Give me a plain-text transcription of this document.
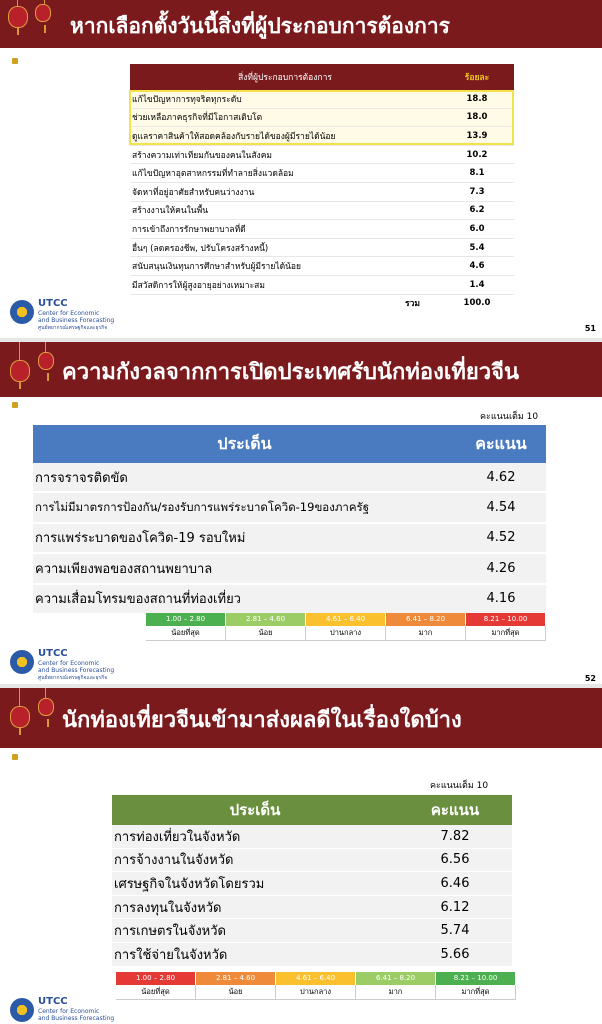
หากเลือกตั้งวันนี้สิ่งที่ผู้ประกอบการต้องการ
สิ่งที่ผู้ประกอบการต้องการ	ร้อยละ
แก้ไขปัญหาการทุจริตทุกระดับ	18.8
ช่วยเหลือภาคธุรกิจที่มีโอกาสเติบโต	18.0
ดูแลราคาสินค้าให้สอดคล้องกับรายได้ของผู้มีรายได้น้อย	13.9
สร้างความเท่าเทียมกันของคนในสังคม	10.2
แก้ไขปัญหาอุตสาหกรรมที่ทำลายสิ่งแวดล้อม	8.1
จัดหาที่อยู่อาศัยสำหรับคนว่างงาน	7.3
สร้างงานให้คนในพื้น	6.2
การเข้าถึงการรักษาพยาบาลที่ดี	6.0
อื่นๆ (ลดครองชีพ, ปรับโครงสร้างหนี้)	5.4
สนับสนุนเงินทุนการศึกษาสำหรับผู้มีรายได้น้อย	4.6
มีสวัสดิการให้ผู้สูงอายุอย่างเหมาะสม	1.4
รวม	100.0
UTCC
Center for Economic
and Business Forecasting
ศูนย์พยากรณ์เศรษฐกิจและธุรกิจ	51
ความกังวลจากการเปิดประเทศรับนักท่องเที่ยวจีน
คะแนนเต็ม 10
ประเด็น	คะแนน
การจราจรติดขัด	4.62
การไม่มีมาตรการป้องกัน/รองรับการแพร่ระบาดโควิด-19ของภาครัฐ	4.54
การแพร่ระบาดของโควิด-19 รอบใหม่	4.52
ความเพียงพอของสถานพยาบาล	4.26
ความเสื่อมโทรมของสถานที่ท่องเที่ยว	4.16
1.00 – 2.80
น้อยที่สุด
2.81 – 4.60
น้อย
4.61 – 6.40
ปานกลาง
6.41 – 8.20
มาก
8.21 – 10.00
มากที่สุด
UTCC
Center for Economic
and Business Forecasting
ศูนย์พยากรณ์เศรษฐกิจและธุรกิจ	52
นักท่องเที่ยวจีนเข้ามาส่งผลดีในเรื่องใดบ้าง
คะแนนเต็ม 10
ประเด็น	คะแนน
การท่องเที่ยวในจังหวัด	7.82
การจ้างงานในจังหวัด	6.56
เศรษฐกิจในจังหวัดโดยรวม	6.46
การลงทุนในจังหวัด	6.12
การเกษตรในจังหวัด	5.74
การใช้จ่ายในจังหวัด	5.66
1.00 – 2.80
น้อยที่สุด
2.81 – 4.60
น้อย
4.61 – 6.40
ปานกลาง
6.41 – 8.20
มาก
8.21 – 10.00
มากที่สุด
UTCC
Center for Economic
and Business Forecasting
